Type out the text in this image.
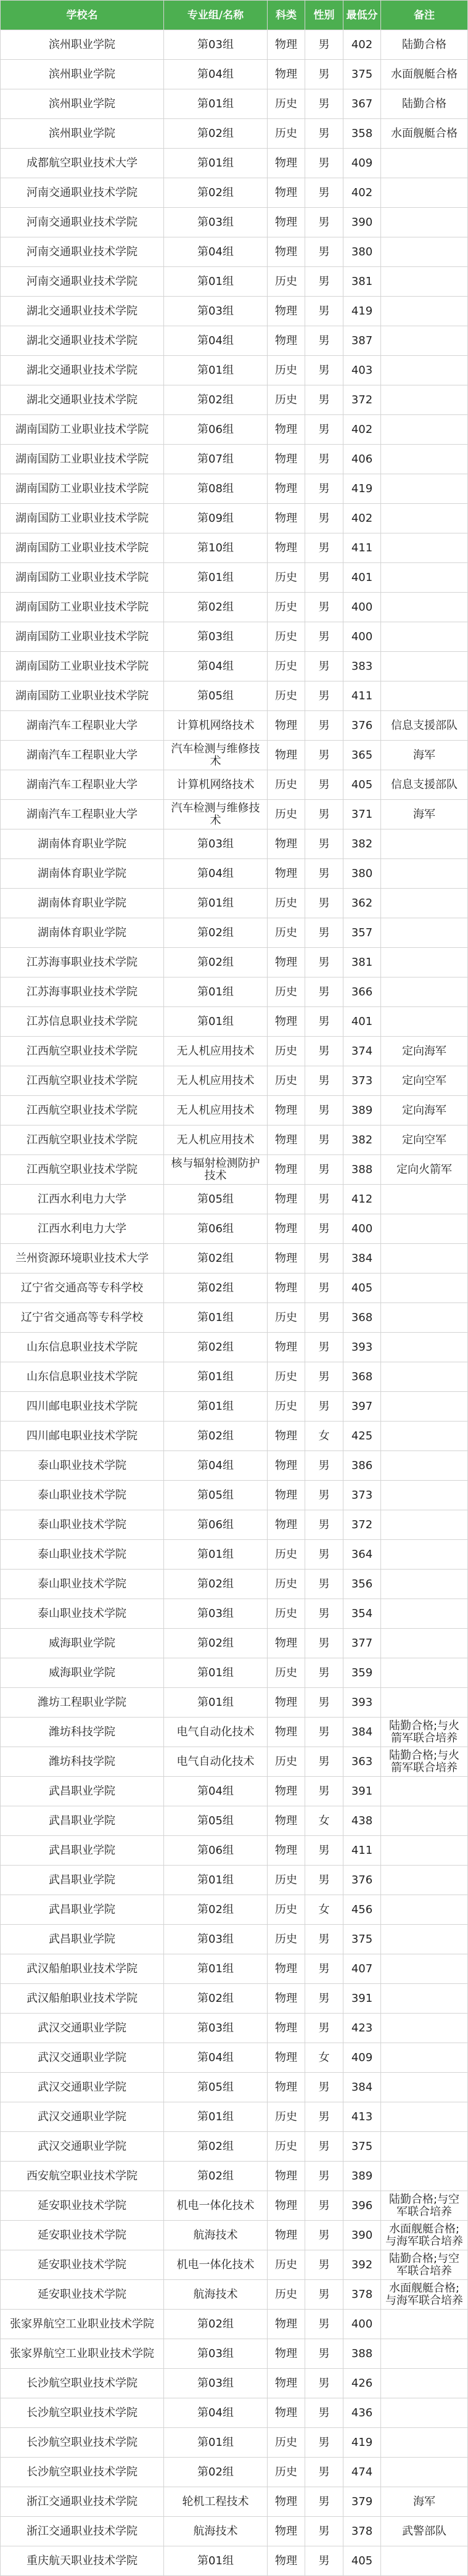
学校名	专业组/名称	科类	性别	最低分	备注
滨州职业学院	第03组	物理	男	402	陆勤合格
滨州职业学院	第04组	物理	男	375	水面舰艇合格
滨州职业学院	第01组	历史	男	367	陆勤合格
滨州职业学院	第02组	历史	男	358	水面舰艇合格
成都航空职业技术大学	第01组	物理	男	409
河南交通职业技术学院	第02组	物理	男	402
河南交通职业技术学院	第03组	物理	男	390
河南交通职业技术学院	第04组	物理	男	380
河南交通职业技术学院	第01组	历史	男	381
湖北交通职业技术学院	第03组	物理	男	419
湖北交通职业技术学院	第04组	物理	男	387
湖北交通职业技术学院	第01组	历史	男	403
湖北交通职业技术学院	第02组	历史	男	372
湖南国防工业职业技术学院	第06组	物理	男	402
湖南国防工业职业技术学院	第07组	物理	男	406
湖南国防工业职业技术学院	第08组	物理	男	419
湖南国防工业职业技术学院	第09组	物理	男	402
湖南国防工业职业技术学院	第10组	物理	男	411
湖南国防工业职业技术学院	第01组	历史	男	401
湖南国防工业职业技术学院	第02组	历史	男	400
湖南国防工业职业技术学院	第03组	历史	男	400
湖南国防工业职业技术学院	第04组	历史	男	383
湖南国防工业职业技术学院	第05组	历史	男	411
湖南汽车工程职业大学	计算机网络技术	物理	男	376	信息支援部队
湖南汽车工程职业大学	汽车检测与维修技术	物理	男	365	海军
湖南汽车工程职业大学	计算机网络技术	历史	男	405	信息支援部队
湖南汽车工程职业大学	汽车检测与维修技术	历史	男	371	海军
湖南体育职业学院	第03组	物理	男	382
湖南体育职业学院	第04组	物理	男	380
湖南体育职业学院	第01组	历史	男	362
湖南体育职业学院	第02组	历史	男	357
江苏海事职业技术学院	第02组	物理	男	381
江苏海事职业技术学院	第01组	历史	男	366
江苏信息职业技术学院	第01组	物理	男	401
江西航空职业技术学院	无人机应用技术	历史	男	374	定向海军
江西航空职业技术学院	无人机应用技术	历史	男	373	定向空军
江西航空职业技术学院	无人机应用技术	物理	男	389	定向海军
江西航空职业技术学院	无人机应用技术	物理	男	382	定向空军
江西航空职业技术学院	核与辐射检测防护技术	物理	男	388	定向火箭军
江西水利电力大学	第05组	物理	男	412
江西水利电力大学	第06组	物理	男	400
兰州资源环境职业技术大学	第02组	物理	男	384
辽宁省交通高等专科学校	第02组	物理	男	405
辽宁省交通高等专科学校	第01组	历史	男	368
山东信息职业技术学院	第02组	物理	男	393
山东信息职业技术学院	第01组	历史	男	368
四川邮电职业技术学院	第01组	历史	男	397
四川邮电职业技术学院	第02组	物理	女	425
泰山职业技术学院	第04组	物理	男	386
泰山职业技术学院	第05组	物理	男	373
泰山职业技术学院	第06组	物理	男	372
泰山职业技术学院	第01组	历史	男	364
泰山职业技术学院	第02组	历史	男	356
泰山职业技术学院	第03组	历史	男	354
威海职业学院	第02组	物理	男	377
威海职业学院	第01组	历史	男	359
潍坊工程职业学院	第01组	物理	男	393
潍坊科技学院	电气自动化技术	物理	男	384	陆勤合格;与火箭军联合培养
潍坊科技学院	电气自动化技术	历史	男	363	陆勤合格;与火箭军联合培养
武昌职业学院	第04组	物理	男	391
武昌职业学院	第05组	物理	女	438
武昌职业学院	第06组	物理	男	411
武昌职业学院	第01组	历史	男	376
武昌职业学院	第02组	历史	女	456
武昌职业学院	第03组	历史	男	375
武汉船舶职业技术学院	第01组	物理	男	407
武汉船舶职业技术学院	第02组	物理	男	391
武汉交通职业学院	第03组	物理	男	423
武汉交通职业学院	第04组	物理	女	409
武汉交通职业学院	第05组	物理	男	384
武汉交通职业学院	第01组	历史	男	413
武汉交通职业学院	第02组	历史	男	375
西安航空职业技术学院	第02组	物理	男	389
延安职业技术学院	机电一体化技术	物理	男	396	陆勤合格;与空军联合培养
延安职业技术学院	航海技术	物理	男	390	水面舰艇合格;与海军联合培养
延安职业技术学院	机电一体化技术	历史	男	392	陆勤合格;与空军联合培养
延安职业技术学院	航海技术	历史	男	378	水面舰艇合格;与海军联合培养
张家界航空工业职业技术学院	第02组	物理	男	400
张家界航空工业职业技术学院	第03组	物理	男	388
长沙航空职业技术学院	第03组	物理	男	426
长沙航空职业技术学院	第04组	物理	男	436
长沙航空职业技术学院	第01组	历史	男	419
长沙航空职业技术学院	第02组	历史	男	474
浙江交通职业技术学院	轮机工程技术	物理	男	379	海军
浙江交通职业技术学院	航海技术	物理	男	378	武警部队
重庆航天职业技术学院	第01组	物理	男	405
